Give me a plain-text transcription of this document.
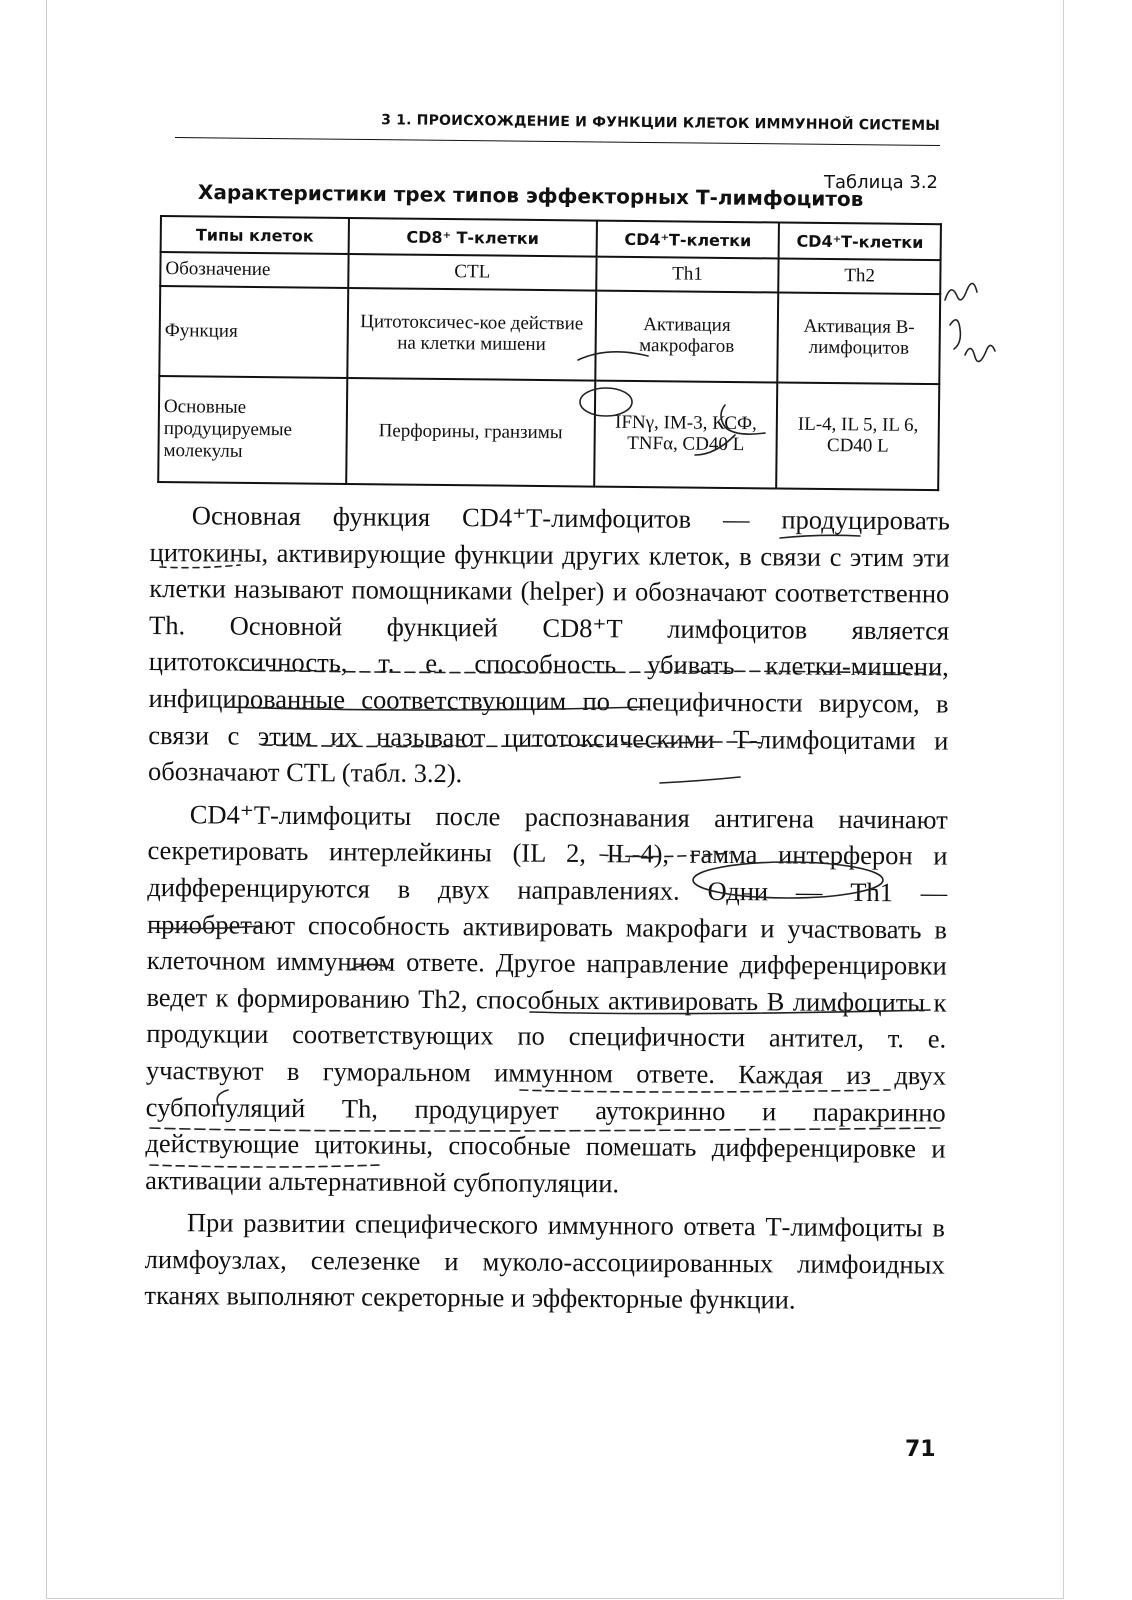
3 1. ПРОИСХОЖДЕНИЕ И ФУНКЦИИ КЛЕТОК ИММУННОЙ СИСТЕМЫ
Таблица 3.2
Характеристики трех типов эффекторных Т-лимфоцитов
Типы клеток	CD8⁺ Т-клетки	CD4⁺Т-клетки	CD4⁺Т-клетки
Обозначение	CTL	Th1	Th2
Функция	Цитотоксичес-кое действие на клетки мишени	Активация макрофагов	Активация В-лимфоцитов
Основные продуцируемые молекулы	Перфорины, гранзимы	IFNγ, IМ-3, КСФ, TNFα, CD40 L	IL-4, IL 5, IL 6, CD40 L

Основная функция CD4⁺Т-лимфоцитов — продуцировать цитокины, активирующие функции других клеток, в связи с этим эти клетки называют помощниками (helper) и обозначают соответственно Th. Основной функцией CD8⁺Т лимфоцитов является цитотоксичность, т. е. способность убивать клетки-мишени, инфицированные соответствующим по специфичности вирусом, в связи с этим их называют цитотоксическими Т-лимфоцитами и обозначают CTL (табл. 3.2).

CD4⁺Т-лимфоциты после распознавания антигена начинают секретировать интерлейкины (IL 2, IL-4), гамма интерферон и дифференцируются в двух направлениях. Одни — Th1 — приобретают способность активировать макрофаги и участвовать в клеточном иммунном ответе. Другое направление дифференцировки ведет к формированию Th2, способных активировать В лимфоциты к продукции соответствующих по специфичности антител, т. е. участвуют в гуморальном иммунном ответе. Каждая из двух субпопуляций Th, продуцирует аутокринно и паракринно действующие цитокины, способные помешать дифференцировке и активации альтернативной субпопуляции.

При развитии специфического иммунного ответа Т-лимфоциты в лимфоузлах, селезенке и муколо-ассоциированных лимфоидных тканях выполняют секреторные и эффекторные функции.

71
